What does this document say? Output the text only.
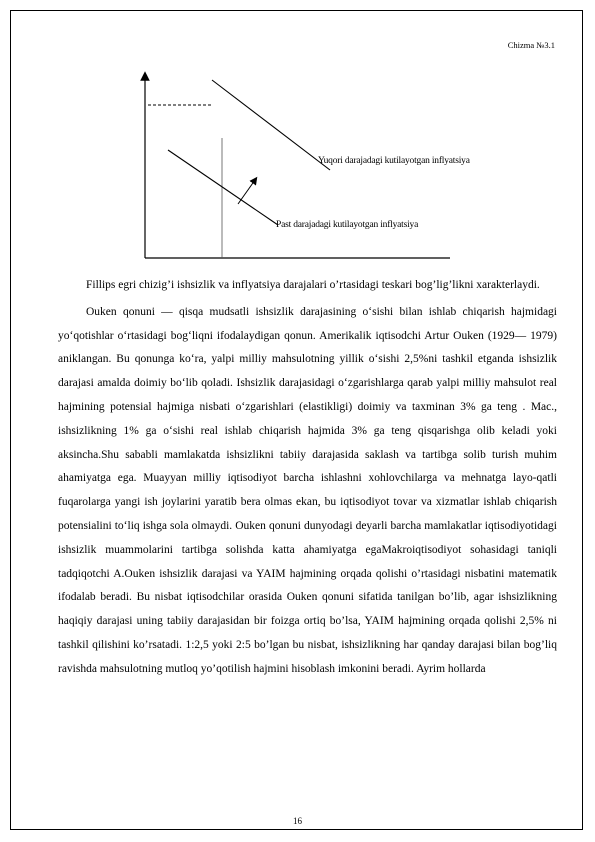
Chizma №3.1
Yuqori darajadagi kutilayotgan inflyatsiya
Past darajadagi kutilayotgan inflyatsiya

Fillips egri chizig’i ishsizlik va inflyatsiya darajalari o’rtasidagi teskari bog’lig’likni xarakterlaydi.

Ouken qonuni — qisqa mudsatli ishsizlik darajasining o‘sishi bilan ishlab chiqarish hajmidagi yo‘qotishlar o‘rtasidagi bog‘liqni ifodalaydigan qonun. Amerikalik iqtisodchi Artur Ouken (1929— 1979) aniklangan. Bu qonunga ko‘ra, yalpi milliy mahsulotning yillik o‘sishi 2,5%ni tashkil etganda ishsizlik darajasi amalda doimiy bo‘lib qoladi. Ishsizlik darajasidagi o‘zgarishlarga qarab yalpi milliy mahsulot real hajmining potensial hajmiga nisbati o‘zgarishlari (elastikligi) doimiy va taxminan 3% ga teng . Mac., ishsizlikning 1% ga o‘sishi real ishlab chiqarish hajmida 3% ga teng qisqarishga olib keladi yoki aksincha.Shu sababli mamlakatda ishsizlikni tabiiy darajasida saklash va tartibga solib turish muhim ahamiyatga ega. Muayyan milliy iqtisodiyot barcha ishlashni xohlovchilarga va mehnatga layo-qatli fuqarolarga yangi ish joylarini yaratib bera olmas ekan, bu iqtisodiyot tovar va xizmatlar ishlab chiqarish potensialini to‘liq ishga sola olmaydi. Ouken qonuni dunyodagi deyarli barcha mamlakatlar iqtisodiyotidagi ishsizlik muammolarini tartibga solishda katta ahamiyatga egaMakroiqtisodiyot sohasidagi taniqli tadqiqotchi A.Ouken ishsizlik darajasi va YAIM hajmining orqada qolishi o’rtasidagi nisbatini matematik ifodalab beradi. Bu nisbat iqtisodchilar orasida Ouken qonuni sifatida tanilgan bo’lib, agar ishsizlikning haqiqiy darajasi uning tabiiy darajasidan bir foizga ortiq bo’lsa, YAIM hajmining orqada qolishi 2,5% ni tashkil qilishini ko’rsatadi. 1:2,5 yoki 2:5 bo’lgan bu nisbat, ishsizlikning har qanday darajasi bilan bog’liq ravishda mahsulotning mutloq yo’qotilish hajmini hisoblash imkonini beradi. Ayrim hollarda

16
